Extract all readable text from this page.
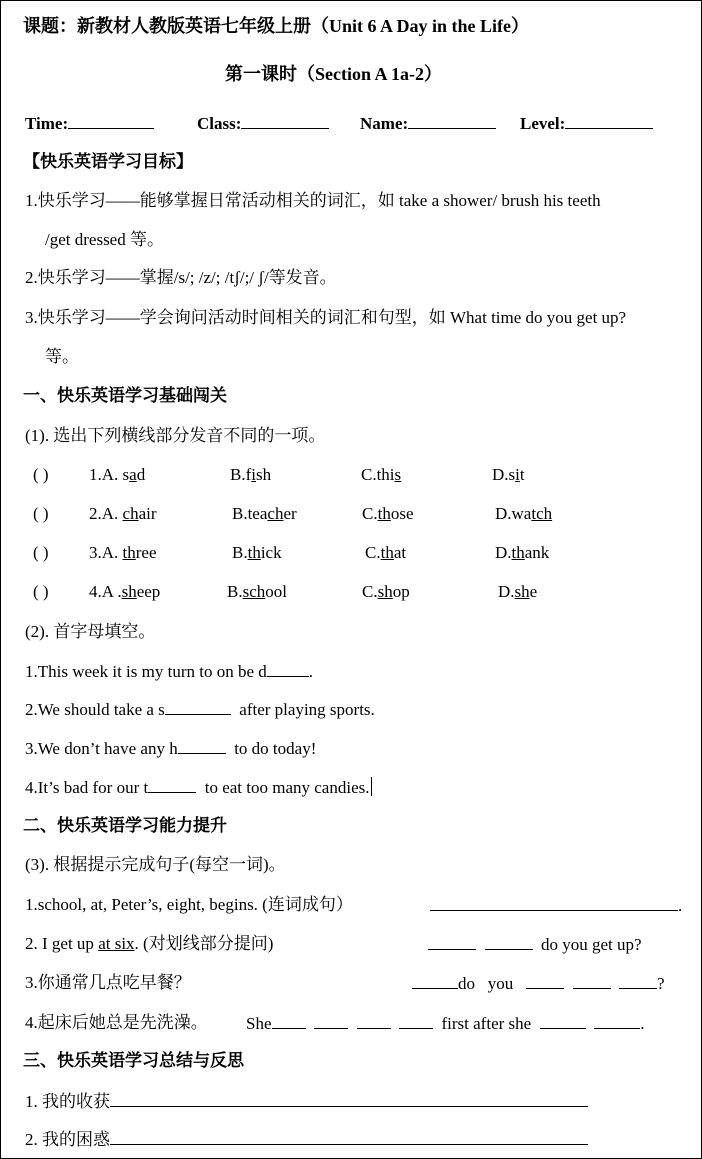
课题：新教材人教版英语七年级上册（Unit 6 A Day in the Life）
第一课时（Section A 1a-2）
Time:	Class:	Name:	Level:
【快乐英语学习目标】
1.快乐学习——能够掌握日常活动相关的词汇，如 take a shower/ brush his teeth
/get dressed 等。
2.快乐学习——掌握/s/; /z/; /tʃ/;/ ʃ/等发音。
3.快乐学习——学会询问活动时间相关的词汇和句型，如 What time do you get up?
等。
一、快乐英语学习基础闯关
(1). 选出下列横线部分发音不同的一项。
( ) 1.A. sad	B.fish	C.this	D.sit
( ) 2.A. chair	B.teacher	C.those	D.watch
( ) 3.A. three	B.thick	C.that	D.thank
( ) 4.A .sheep	B.school	C.shop	D.she
(2). 首字母填空。
1.This week it is my turn to on be d .
2.We should take a s	after playing sports.
3.We don’t have any h	to do today!
4.It’s bad for our t	to eat too many candies.
二、快乐英语学习能力提升
(3). 根据提示完成句子(每空一词)。
1.school, at, Peter’s, eight, begins. (连词成句）	.
2. I get up at six. (对划线部分提问)	do you get up?
3.你通常几点吃早餐？	do you	?
4.起床后她总是先洗澡。 She	first after she	.
三、快乐英语学习总结与反思
1. 我的收获
2. 我的困惑
